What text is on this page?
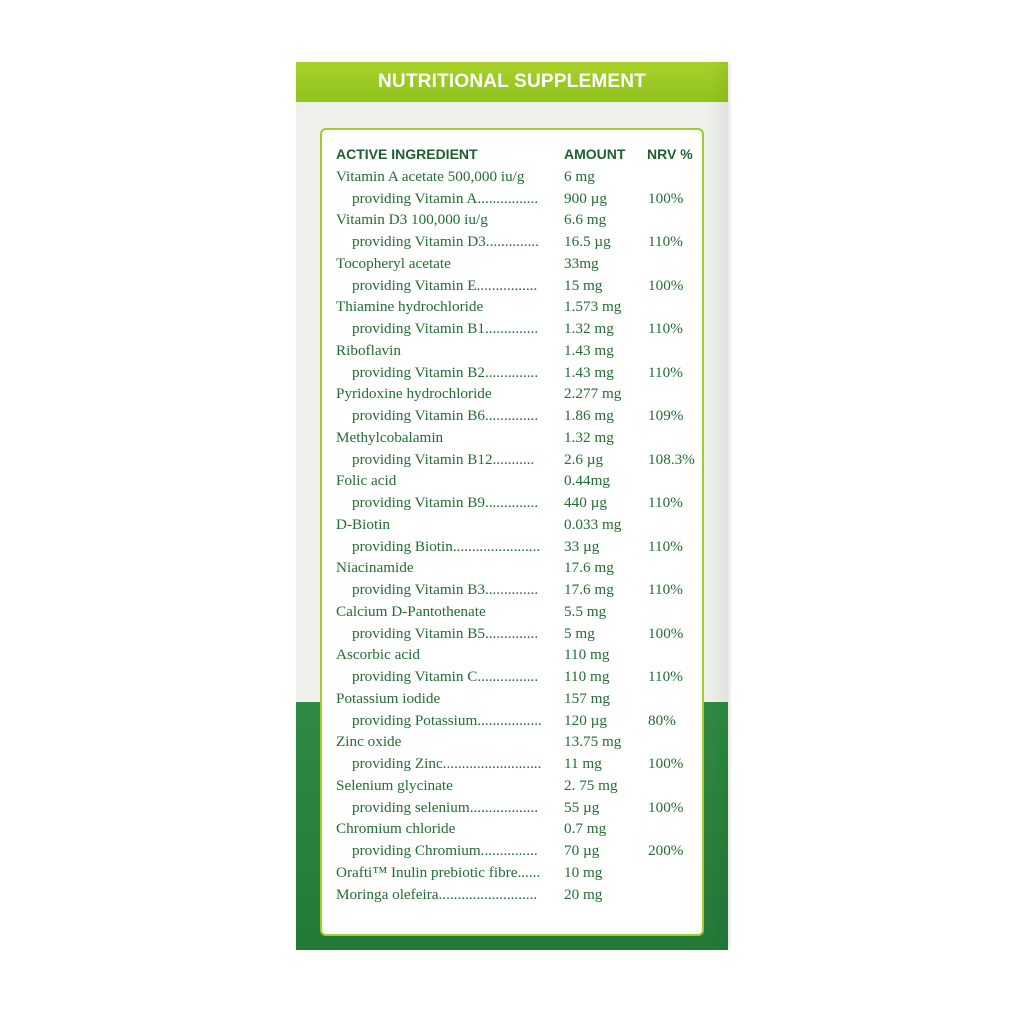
NUTRITIONAL SUPPLEMENT
ACTIVE INGREDIENT	AMOUNT NRV %
Vitamin A acetate 500,000 iu/g	6 mg
providing Vitamin A................ 900 µg	100%
Vitamin D3 100,000 iu/g	6.6 mg
providing Vitamin D3.............. 16.5 µg 110%
Tocopheryl acetate	33mg
providing Vitamin E................ 15 mg	100%
Thiamine hydrochloride	1.573 mg
providing Vitamin B1.............. 1.32 mg 110%
Riboflavin	1.43 mg
providing Vitamin B2.............. 1.43 mg 110%
Pyridoxine hydrochloride	2.277 mg
providing Vitamin B6.............. 1.86 mg 109%
Methylcobalamin	1.32 mg
providing Vitamin B12........... 2.6 µg	108.3%
Folic acid	0.44mg
providing Vitamin B9.............. 440 µg	110%
D-Biotin	0.033 mg
providing Biotin....................... 33 µg	110%
Niacinamide	17.6 mg
providing Vitamin B3.............. 17.6 mg 110%
Calcium D-Pantothenate	5.5 mg
providing Vitamin B5.............. 5 mg	100%
Ascorbic acid	110 mg
providing Vitamin C................ 110 mg	110%
Potassium iodide	157 mg
providing Potassium................. 120 µg	80%
Zinc oxide	13.75 mg
providing Zinc.......................... 11 mg	100%
Selenium glycinate	2. 75 mg
providing selenium.................. 55 µg	100%
Chromium chloride	0.7 mg
providing Chromium............... 70 µg	200%
Orafti™ Inulin prebiotic fibre...... 10 mg
Moringa olefeira.......................... 20 mg
